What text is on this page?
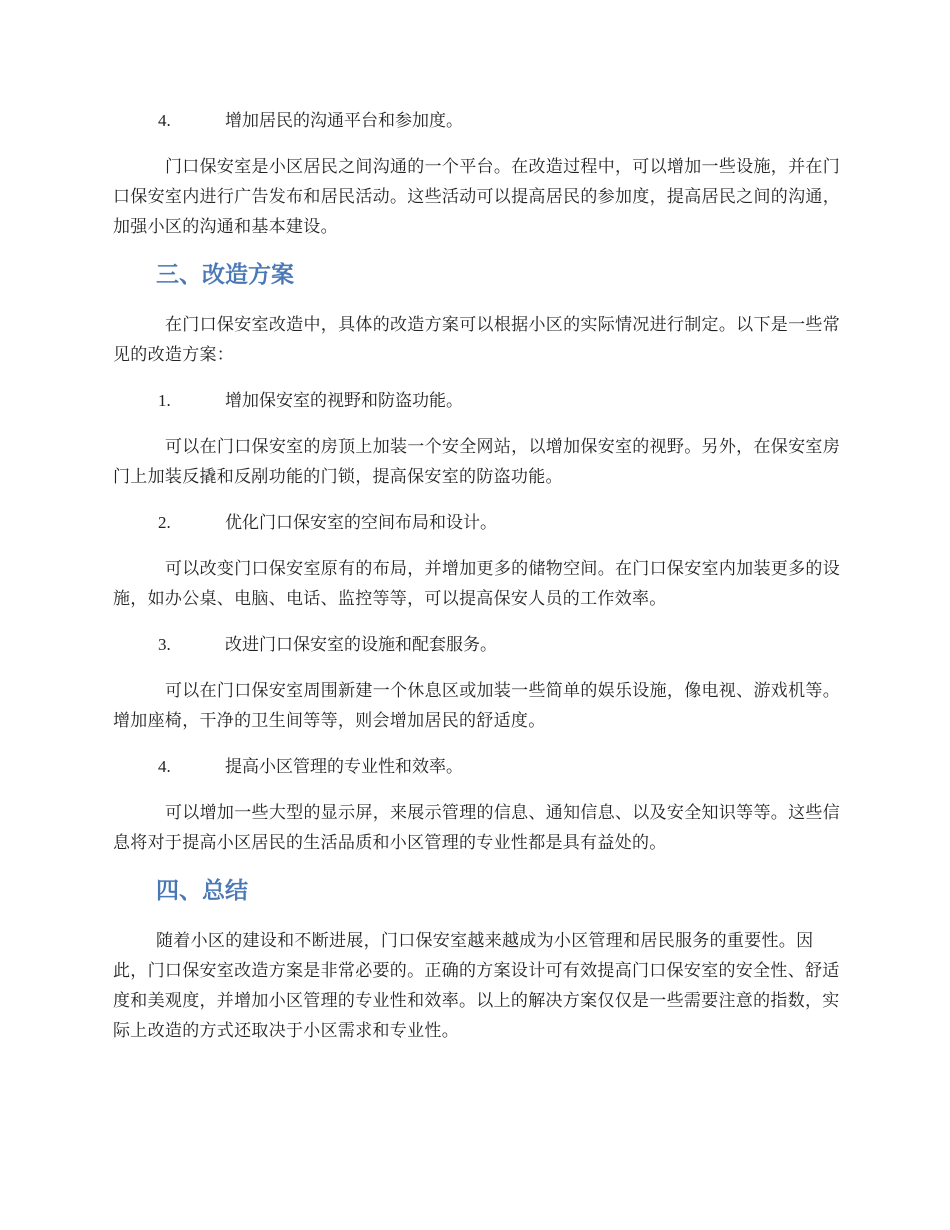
4.	增加居民的沟通平台和参加度。

门口保安室是小区居民之间沟通的一个平台。在改造过程中，可以增加一些设施，并在门口保安室内进行广告发布和居民活动。这些活动可以提高居民的参加度，提高居民之间的沟通，加强小区的沟通和基本建设。

三、改造方案

在门口保安室改造中，具体的改造方案可以根据小区的实际情况进行制定。以下是一些常见的改造方案：

1.	增加保安室的视野和防盗功能。

可以在门口保安室的房顶上加装一个安全网站，以增加保安室的视野。另外，在保安室房门上加装反撬和反剐功能的门锁，提高保安室的防盗功能。

2.	优化门口保安室的空间布局和设计。

可以改变门口保安室原有的布局，并增加更多的储物空间。在门口保安室内加装更多的设施，如办公桌、电脑、电话、监控等等，可以提高保安人员的工作效率。

3.	改进门口保安室的设施和配套服务。

可以在门口保安室周围新建一个休息区或加装一些简单的娱乐设施，像电视、游戏机等。增加座椅，干净的卫生间等等，则会增加居民的舒适度。

4.	提高小区管理的专业性和效率。

可以增加一些大型的显示屏，来展示管理的信息、通知信息、以及安全知识等等。这些信息将对于提高小区居民的生活品质和小区管理的专业性都是具有益处的。

四、总结

随着小区的建设和不断进展，门口保安室越来越成为小区管理和居民服务的重要性。因此，门口保安室改造方案是非常必要的。正确的方案设计可有效提高门口保安室的安全性、舒适度和美观度，并增加小区管理的专业性和效率。以上的解决方案仅仅是一些需要注意的指数，实际上改造的方式还取决于小区需求和专业性。
